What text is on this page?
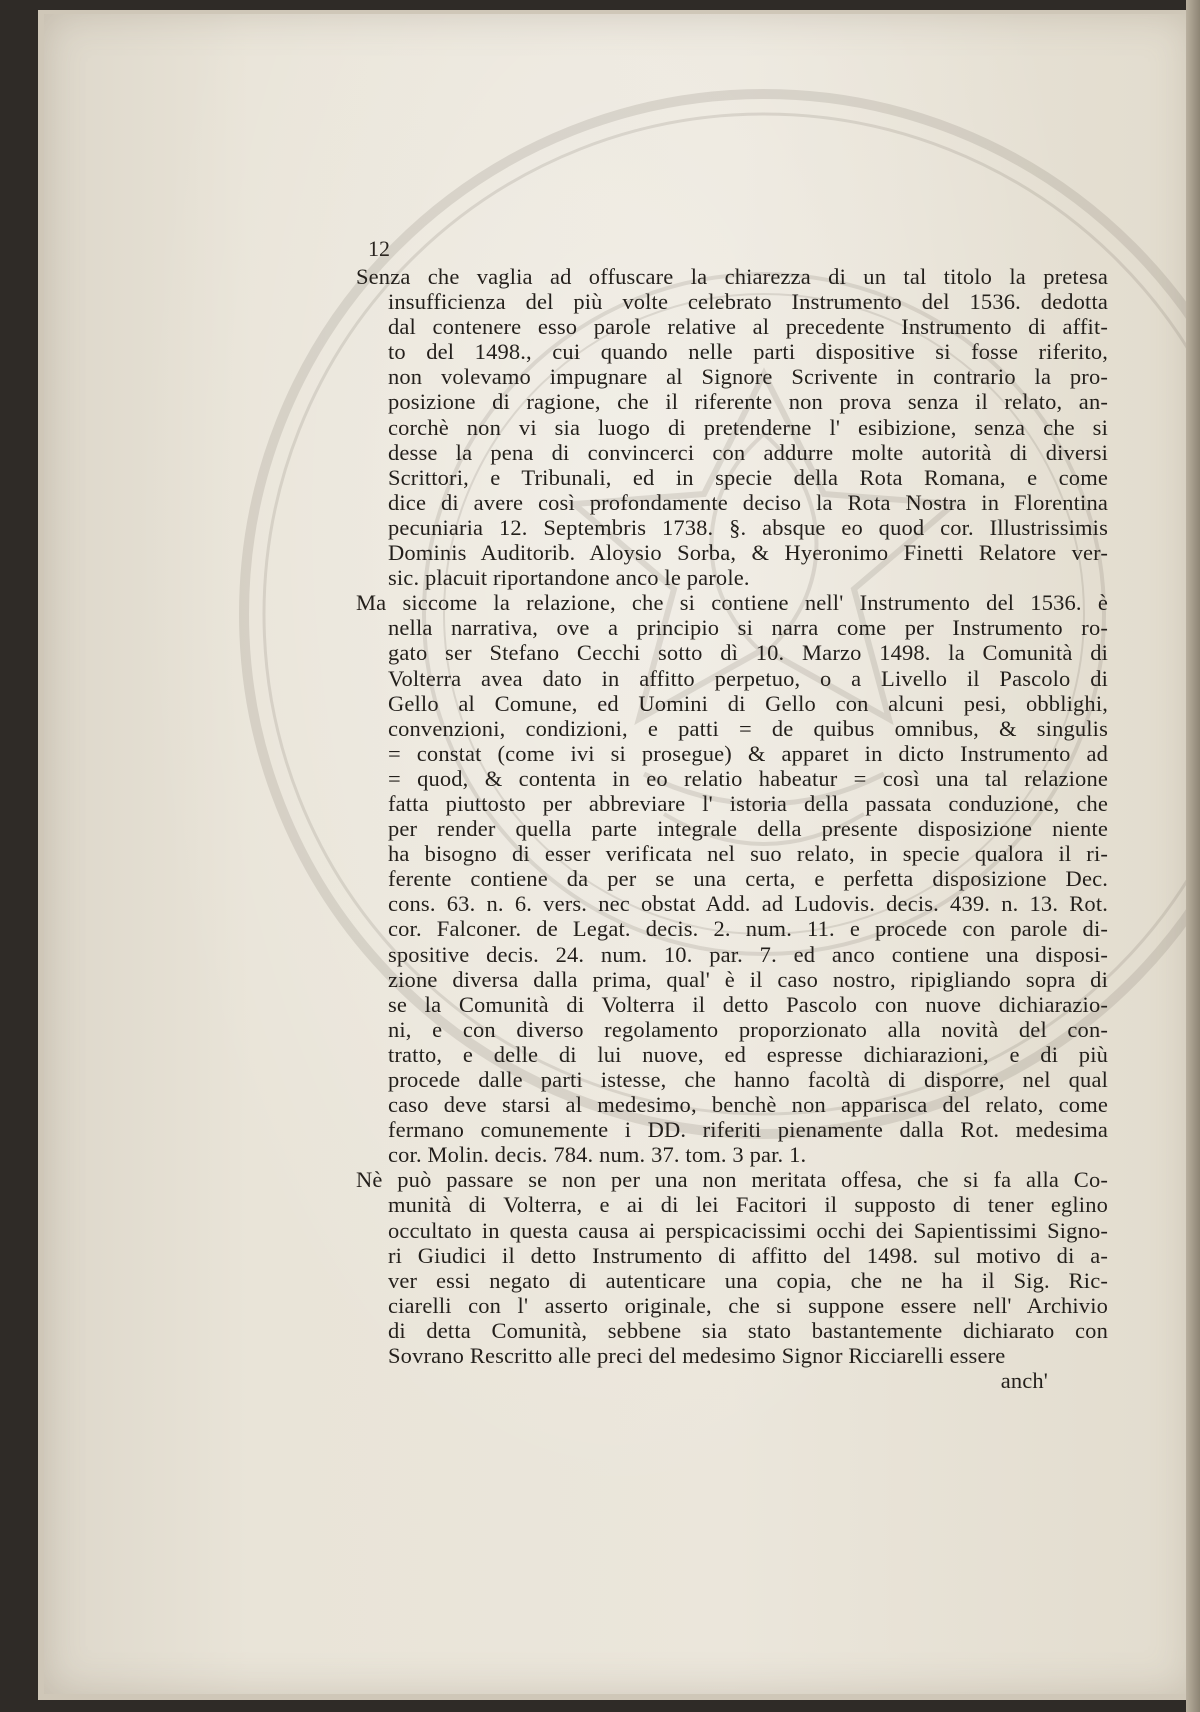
12
Senza che vaglia ad offuscare la chiarezza di un tal titolo la pretesa
insufficienza del più volte celebrato Instrumento del 1536. dedotta
dal contenere esso parole relative al precedente Instrumento di affit-
to del 1498., cui quando nelle parti dispositive si fosse riferito,
non volevamo impugnare al Signore Scrivente in contrario la pro-
posizione di ragione, che il riferente non prova senza il relato, an-
corchè non vi sia luogo di pretenderne l' esibizione, senza che si
desse la pena di convincerci con addurre molte autorità di diversi
Scrittori, e Tribunali, ed in specie della Rota Romana, e come
dice di avere così profondamente deciso la Rota Nostra in Florentina
pecuniaria 12. Septembris 1738. §. absque eo quod cor. Illustrissimis
Dominis Auditorib. Aloysio Sorba, & Hyeronimo Finetti Relatore ver-
sic. placuit riportandone anco le parole.
Ma siccome la relazione, che si contiene nell' Instrumento del 1536. è
nella narrativa, ove a principio si narra come per Instrumento ro-
gato ser Stefano Cecchi sotto dì 10. Marzo 1498. la Comunità di
Volterra avea dato in affitto perpetuo, o a Livello il Pascolo di
Gello al Comune, ed Uomini di Gello con alcuni pesi, obblighi,
convenzioni, condizioni, e patti = de quibus omnibus, & singulis
= constat (come ivi si prosegue) & apparet in dicto Instrumento ad
= quod, & contenta in eo relatio habeatur = così una tal relazione
fatta piuttosto per abbreviare l' istoria della passata conduzione, che
per render quella parte integrale della presente disposizione niente
ha bisogno di esser verificata nel suo relato, in specie qualora il ri-
ferente contiene da per se una certa, e perfetta disposizione Dec.
cons. 63. n. 6. vers. nec obstat Add. ad Ludovis. decis. 439. n. 13. Rot.
cor. Falconer. de Legat. decis. 2. num. 11. e procede con parole di-
spositive decis. 24. num. 10. par. 7. ed anco contiene una disposi-
zione diversa dalla prima, qual' è il caso nostro, ripigliando sopra di
se la Comunità di Volterra il detto Pascolo con nuove dichiarazio-
ni, e con diverso regolamento proporzionato alla novità del con-
tratto, e delle di lui nuove, ed espresse dichiarazioni, e di più
procede dalle parti istesse, che hanno facoltà di disporre, nel qual
caso deve starsi al medesimo, benchè non apparisca del relato, come
fermano comunemente i DD. riferiti pienamente dalla Rot. medesima
cor. Molin. decis. 784. num. 37. tom. 3 par. 1.
Nè può passare se non per una non meritata offesa, che si fa alla Co-
munità di Volterra, e ai di lei Facitori il supposto di tener eglino
occultato in questa causa ai perspicacissimi occhi dei Sapientissimi Signo-
ri Giudici il detto Instrumento di affitto del 1498. sul motivo di a-
ver essi negato di autenticare una copia, che ne ha il Sig. Ric-
ciarelli con l' asserto originale, che si suppone essere nell' Archivio
di detta Comunità, sebbene sia stato bastantemente dichiarato con
Sovrano Rescritto alle preci del medesimo Signor Ricciarelli essere
anch'
